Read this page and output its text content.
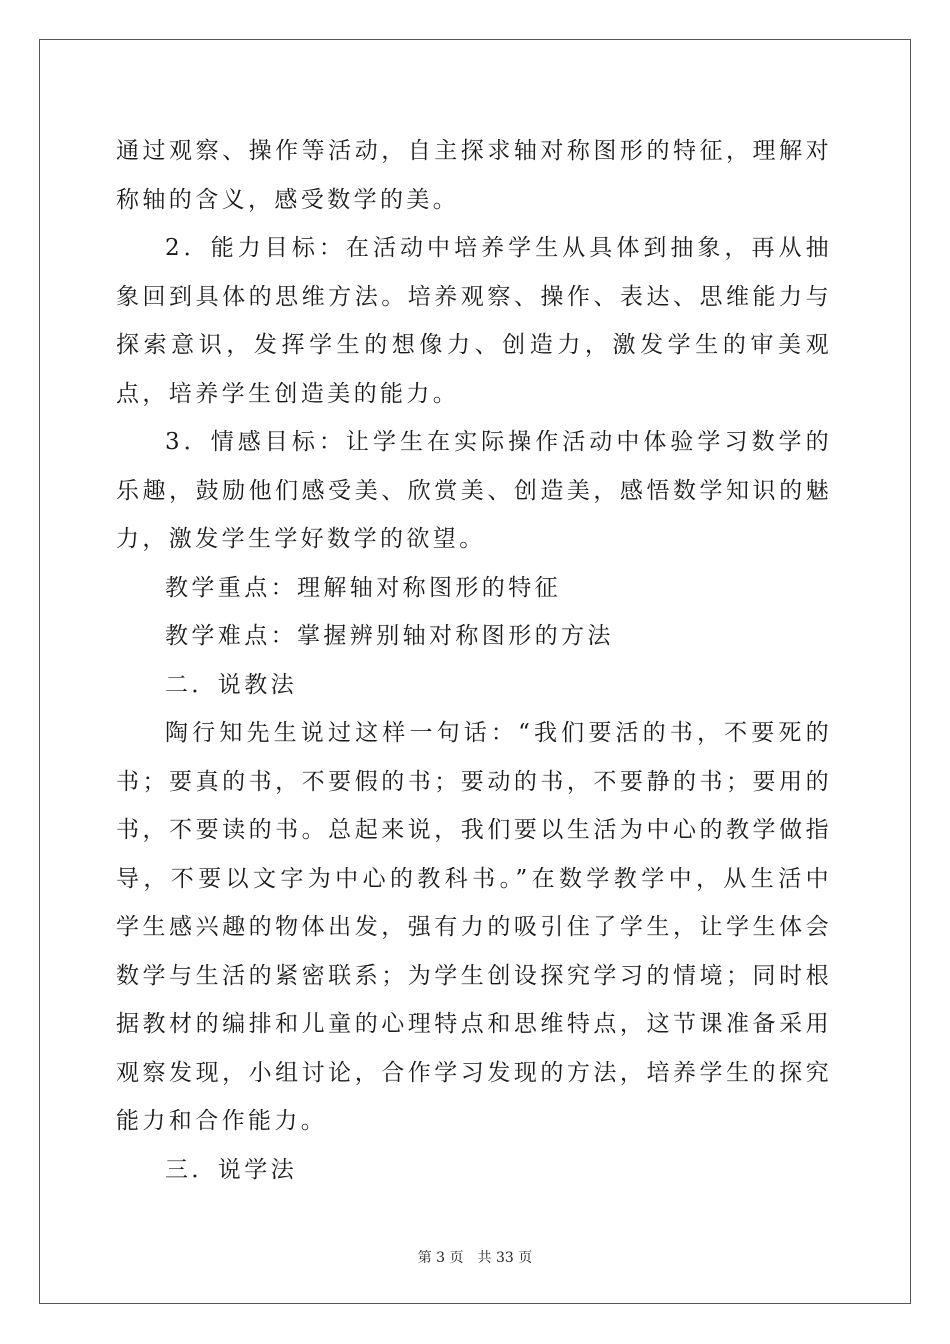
通过观察、操作等活动，自主探求轴对称图形的特征，理解对称轴的含义，感受数学的美。

2．能力目标：在活动中培养学生从具体到抽象，再从抽象回到具体的思维方法。培养观察、操作、表达、思维能力与探索意识，发挥学生的想像力、创造力，激发学生的审美观点，培养学生创造美的能力。

3．情感目标：让学生在实际操作活动中体验学习数学的乐趣，鼓励他们感受美、欣赏美、创造美，感悟数学知识的魅力，激发学生学好数学的欲望。

教学重点：理解轴对称图形的特征

教学难点：掌握辨别轴对称图形的方法

二．说教法

陶行知先生说过这样一句话：“我们要活的书，不要死的书；要真的书，不要假的书；要动的书，不要静的书；要用的书，不要读的书。总起来说，我们要以生活为中心的教学做指导，不要以文字为中心的教科书。”在数学教学中，从生活中学生感兴趣的物体出发，强有力的吸引住了学生，让学生体会数学与生活的紧密联系；为学生创设探究学习的情境；同时根据教材的编排和儿童的心理特点和思维特点，这节课准备采用观察发现，小组讨论，合作学习发现的方法，培养学生的探究能力和合作能力。

三．说学法

第 3 页 共 33 页
